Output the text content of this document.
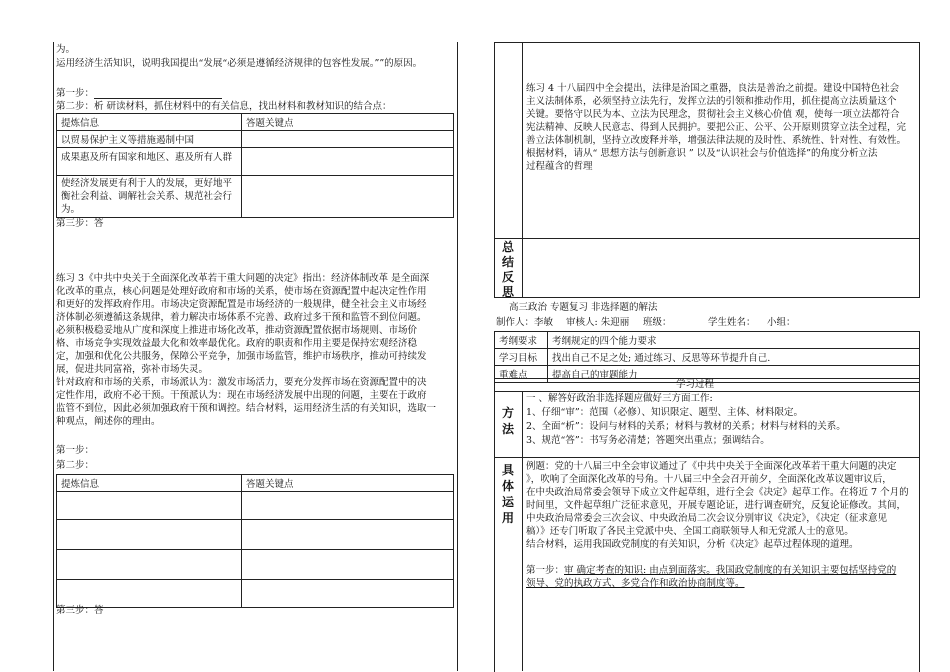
为。
运用经济生活知识，说明我国提出“发展“必须是遵循经济规律的包容性发展。””的原因。
第一步：
第二步：析 研读材料，抓住材料中的有关信息，找出材料和教材知识的结合点：
提炼信息	答题关键点
以贸易保护主义等措施遏制中国	
成果惠及所有国家和地区、惠及所有人群	
使经济发展更有利于人的发展，更好地平衡社会利益、调解社会关系、规范社会行为。	
第三步：答
练习 3《中共中央关于全面深化改革若干重大问题的决定》指出：经济体制改革 是全面深
化改革的重点，核心问题是处理好政府和市场的关系，使市场在资源配置中起决定性作用
和更好的发挥政府作用。市场决定资源配置是市场经济的一般规律，健全社会主义市场经
济体制必须遵循这条规律，着力解决市场体系不完善、政府过多干预和监管不到位问题。
必须积极稳妥地从广度和深度上推进市场化改革，推动资源配置依据市场规则、市场价
格、市场竞争实现效益最大化和效率最优化。政府的职责和作用主要是保持宏观经济稳
定，加强和优化公共服务，保障公平竞争，加强市场监管，维护市场秩序，推动可持续发
展，促进共同富裕，弥补市场失灵。
针对政府和市场的关系，市场派认为：激发市场活力，要充分发挥市场在资源配置中的决
定性作用，政府不必干预。干预派认为：现在市场经济发展中出现的问题，主要在于政府
监管不到位，因此必须加强政府干预和调控。结合材料，运用经济生活的有关知识，选取一
种观点，阐述你的理由。
第一步：
第二步：
提炼信息	答题关键点

第三步：答
练习 4 十八届四中全会提出，法律是治国之重器，良法是善治之前提。建设中国特色社会
主义法制体系，必须坚持立法先行，发挥立法的引领和推动作用，抓住提高立法质量这个
关键。要恪守以民为本、立法为民理念，贯彻社会主义核心价值 观，使每一项立法都符合
宪法精神、反映人民意志、得到人民拥护。要把公正、公平、公开原则贯穿立法全过程，完
善立法体制机制，坚持立改废释并举，增强法律法规的及时性、系统性、针对性、有效性。
根据材料，请从“ 思想方法与创新意识 ” 以及“认识社会与价值选择”的角度分析立法
过程蕴含的哲理
总
结
反
思
高三政治 专题复习 非选择题的解法
制作人：李敏 审核人: 朱迎丽 班级：	学生姓名： 小组：
考纲要求	考纲规定的四个能力要求
学习目标	找出自己不足之处; 通过练习、反思等环节提升自己.
重难点	提高自己的审题能力
学习过程
方
法
一 、解答好政治非选择题应做好三方面工作:
1、仔细“审”：范围（必修）、知识限定、题型、主体、材料限定。
2、全面“析”：设问与材料的关系；材料与教材的关系；材料与材料的关系。
3、规范“答”：书写务必清楚；答题突出重点；强调结合。
具
体
运
用
例题：党的十八届三中全会审议通过了《中共中央关于全面深化改革若干重大问题的决定
》，吹响了全面深化改革的号角。十八届三中全会召开前夕，全面深化改革议题审议后，
在中央政治局常委会领导下成立文件起草组，进行全会《决定》起草工作。在将近 7 个月的
时间里，文件起草组广泛征求意见，开展专题论证，进行调查研究，反复论证修改。其间，
中央政治局常委会三次会议、中央政治局二次会议分别审议《决定》，《决定（征求意见
稿）》还专门听取了各民主党派中央、全国工商联领导人和无党派人士的意见。
结合材料，运用我国政党制度的有关知识，分析《决定》起草过程体现的道理。
第一步：审 确定考查的知识: 由点到面落实。我国政党制度的有关知识主要包括坚持党的
领导、党的执政方式、多党合作和政治协商制度等。
